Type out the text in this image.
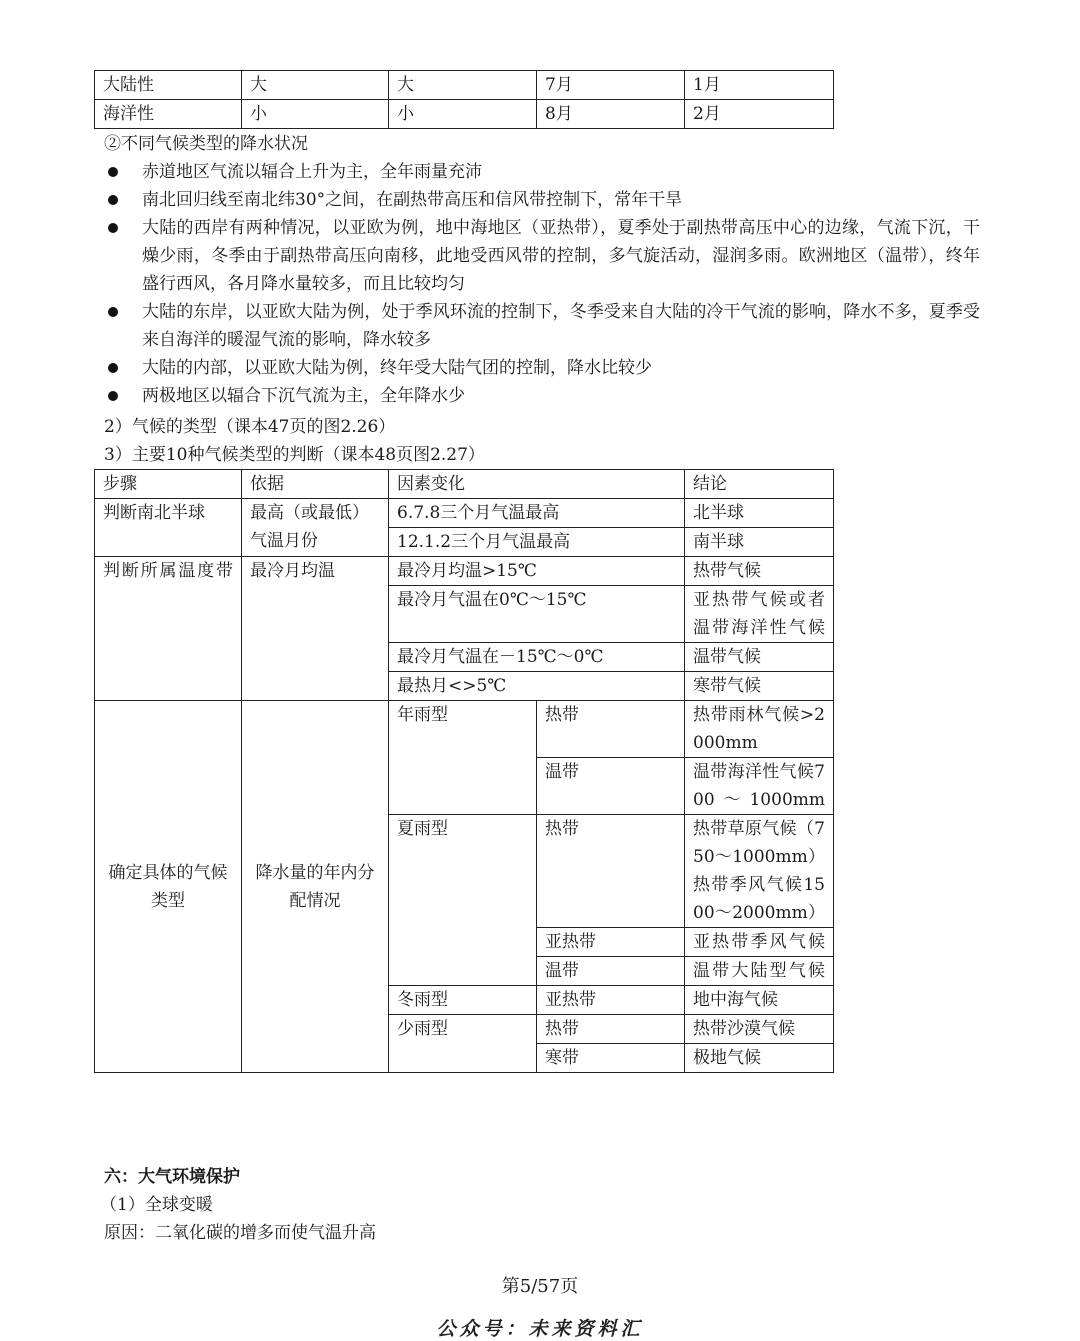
大陆性	大	大	7月	1月
海洋性	小	小	8月	2月
②不同气候类型的降水状况
赤道地区气流以辐合上升为主，全年雨量充沛
南北回归线至南北纬30°之间，在副热带高压和信风带控制下，常年干旱
大陆的西岸有两种情况，以亚欧为例，地中海地区（亚热带），夏季处于副热带高压中心的边缘，气流下沉，干燥少雨，冬季由于副热带高压向南移，此地受西风带的控制，多气旋活动，湿润多雨。欧洲地区（温带），终年盛行西风，各月降水量较多，而且比较均匀
大陆的东岸，以亚欧大陆为例，处于季风环流的控制下，冬季受来自大陆的冷干气流的影响，降水不多，夏季受来自海洋的暖湿气流的影响，降水较多
大陆的内部，以亚欧大陆为例，终年受大陆气团的控制，降水比较少
两极地区以辐合下沉气流为主，全年降水少
2）气候的类型（课本47页的图2.26）
3）主要10种气候类型的判断（课本48页图2.27）
步骤	依据	因素变化		结论
判断南北半球	最高（或最低）气温月份	6.7.8三个月气温最高		北半球
		12.1.2三个月气温最高		南半球
判断所属温度带	最冷月均温	最冷月均温>15℃		热带气候
		最冷月气温在0℃～15℃		亚热带气候或者温带海洋性气候
		最冷月气温在－15℃～0℃		温带气候
		最热月<>5℃		寒带气候
确定具体的气候类型	降水量的年内分配情况	年雨型	热带	热带雨林气候>2000mm
			温带	温带海洋性气候700～1000mm
		夏雨型	热带	热带草原气候（750～1000mm）热带季风气候1500～2000mm）
			亚热带	亚热带季风气候
			温带	温带大陆型气候
		冬雨型	亚热带	地中海气候
		少雨型	热带	热带沙漠气候
			寒带	极地气候
六：大气环境保护
（1）全球变暖
原因：二氧化碳的增多而使气温升高
第5/57页
公众号：未来资料汇
